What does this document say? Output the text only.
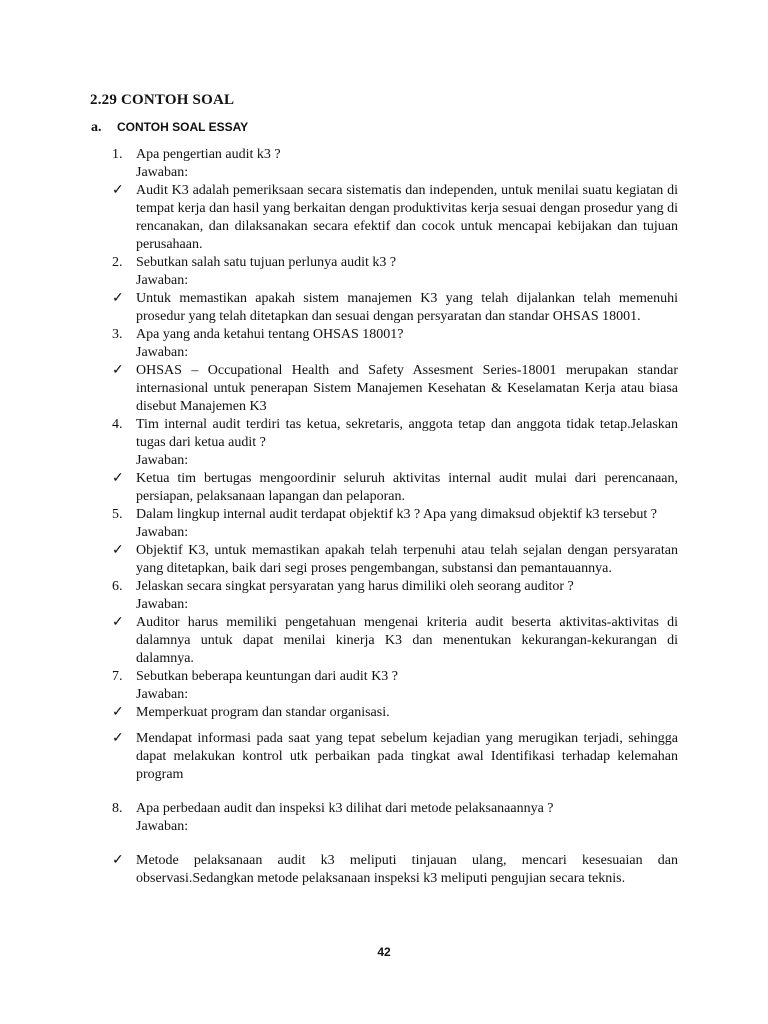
2.29 CONTOH SOAL
a. CONTOH SOAL ESSAY
1. Apa pengertian audit k3 ?
Jawaban:
✓ Audit K3 adalah pemeriksaan secara sistematis dan independen, untuk menilai suatu kegiatan di tempat kerja dan hasil yang berkaitan dengan produktivitas kerja sesuai dengan prosedur yang di rencanakan, dan dilaksanakan secara efektif dan cocok untuk mencapai kebijakan dan tujuan perusahaan.
2. Sebutkan salah satu tujuan perlunya audit k3 ?
Jawaban:
✓ Untuk memastikan apakah sistem manajemen K3 yang telah dijalankan telah memenuhi prosedur yang telah ditetapkan dan sesuai dengan persyaratan dan standar OHSAS 18001.
3. Apa yang anda ketahui tentang OHSAS 18001?
Jawaban:
✓ OHSAS – Occupational Health and Safety Assesment Series-18001 merupakan standar internasional untuk penerapan Sistem Manajemen Kesehatan & Keselamatan Kerja atau biasa disebut Manajemen K3
4. Tim internal audit terdiri tas ketua, sekretaris, anggota tetap dan anggota tidak tetap.Jelaskan tugas dari ketua audit ?
Jawaban:
✓ Ketua tim bertugas mengoordinir seluruh aktivitas internal audit mulai dari perencanaan, persiapan, pelaksanaan lapangan dan pelaporan.
5. Dalam lingkup internal audit terdapat objektif k3 ? Apa yang dimaksud objektif k3 tersebut ?
Jawaban:
✓ Objektif K3, untuk memastikan apakah telah terpenuhi atau telah sejalan dengan persyaratan yang ditetapkan, baik dari segi proses pengembangan, substansi dan pemantauannya.
6. Jelaskan secara singkat persyaratan yang harus dimiliki oleh seorang auditor ?
Jawaban:
✓ Auditor harus memiliki pengetahuan mengenai kriteria audit beserta aktivitas-aktivitas di dalamnya untuk dapat menilai kinerja K3 dan menentukan kekurangan-kekurangan di dalamnya.
7. Sebutkan beberapa keuntungan dari audit K3 ?
Jawaban:
✓ Memperkuat program dan standar organisasi.
✓ Mendapat informasi pada saat yang tepat sebelum kejadian yang merugikan terjadi, sehingga dapat melakukan kontrol utk perbaikan pada tingkat awal Identifikasi terhadap kelemahan program
8. Apa perbedaan audit dan inspeksi k3 dilihat dari metode pelaksanaannya ?
Jawaban:
✓ Metode pelaksanaan audit k3 meliputi tinjauan ulang, mencari kesesuaian dan observasi.Sedangkan metode pelaksanaan inspeksi k3 meliputi pengujian secara teknis.
42
